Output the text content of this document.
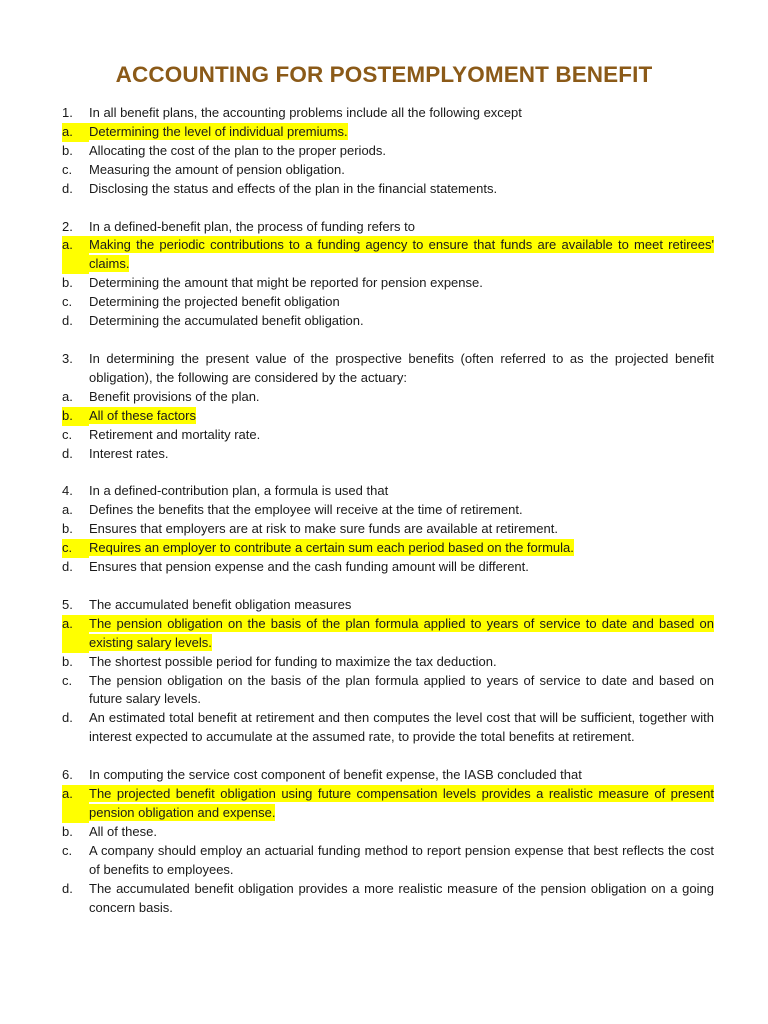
ACCOUNTING FOR POSTEMPLYOMENT BENEFIT
1.	In all benefit plans, the accounting problems include all the following except
a.	Determining the level of individual premiums.
b.	Allocating the cost of the plan to the proper periods.
c.	Measuring the amount of pension obligation.
d.	Disclosing the status and effects of the plan in the financial statements.
2.	In a defined-benefit plan, the process of funding refers to
a.	Making the periodic contributions to a funding agency to ensure that funds are available to meet retirees' claims.
b.	Determining the amount that might be reported for pension expense.
c.	Determining the projected benefit obligation
d.	Determining the accumulated benefit obligation.
3.	In determining the present value of the prospective benefits (often referred to as the projected benefit obligation), the following are considered by the actuary:
a.	Benefit provisions of the plan.
b.	All of these factors
c.	Retirement and mortality rate.
d.	Interest rates.
4.	In a defined-contribution plan, a formula is used that
a.	Defines the benefits that the employee will receive at the time of retirement.
b.	Ensures that employers are at risk to make sure funds are available at retirement.
c.	Requires an employer to contribute a certain sum each period based on the formula.
d.	Ensures that pension expense and the cash funding amount will be different.
5.	The accumulated benefit obligation measures
a.	The pension obligation on the basis of the plan formula applied to years of service to date and based on existing salary levels.
b.	The shortest possible period for funding to maximize the tax deduction.
c.	The pension obligation on the basis of the plan formula applied to years of service to date and based on future salary levels.
d.	An estimated total benefit at retirement and then computes the level cost that will be sufficient, together with interest expected to accumulate at the assumed rate, to provide the total benefits at retirement.
6.	In computing the service cost component of benefit expense, the IASB concluded that
a.	The projected benefit obligation using future compensation levels provides a realistic measure of present pension obligation and expense.
b.	All of these.
c.	A company should employ an actuarial funding method to report pension expense that best reflects the cost of benefits to employees.
d.	The accumulated benefit obligation provides a more realistic measure of the pension obligation on a going concern basis.
